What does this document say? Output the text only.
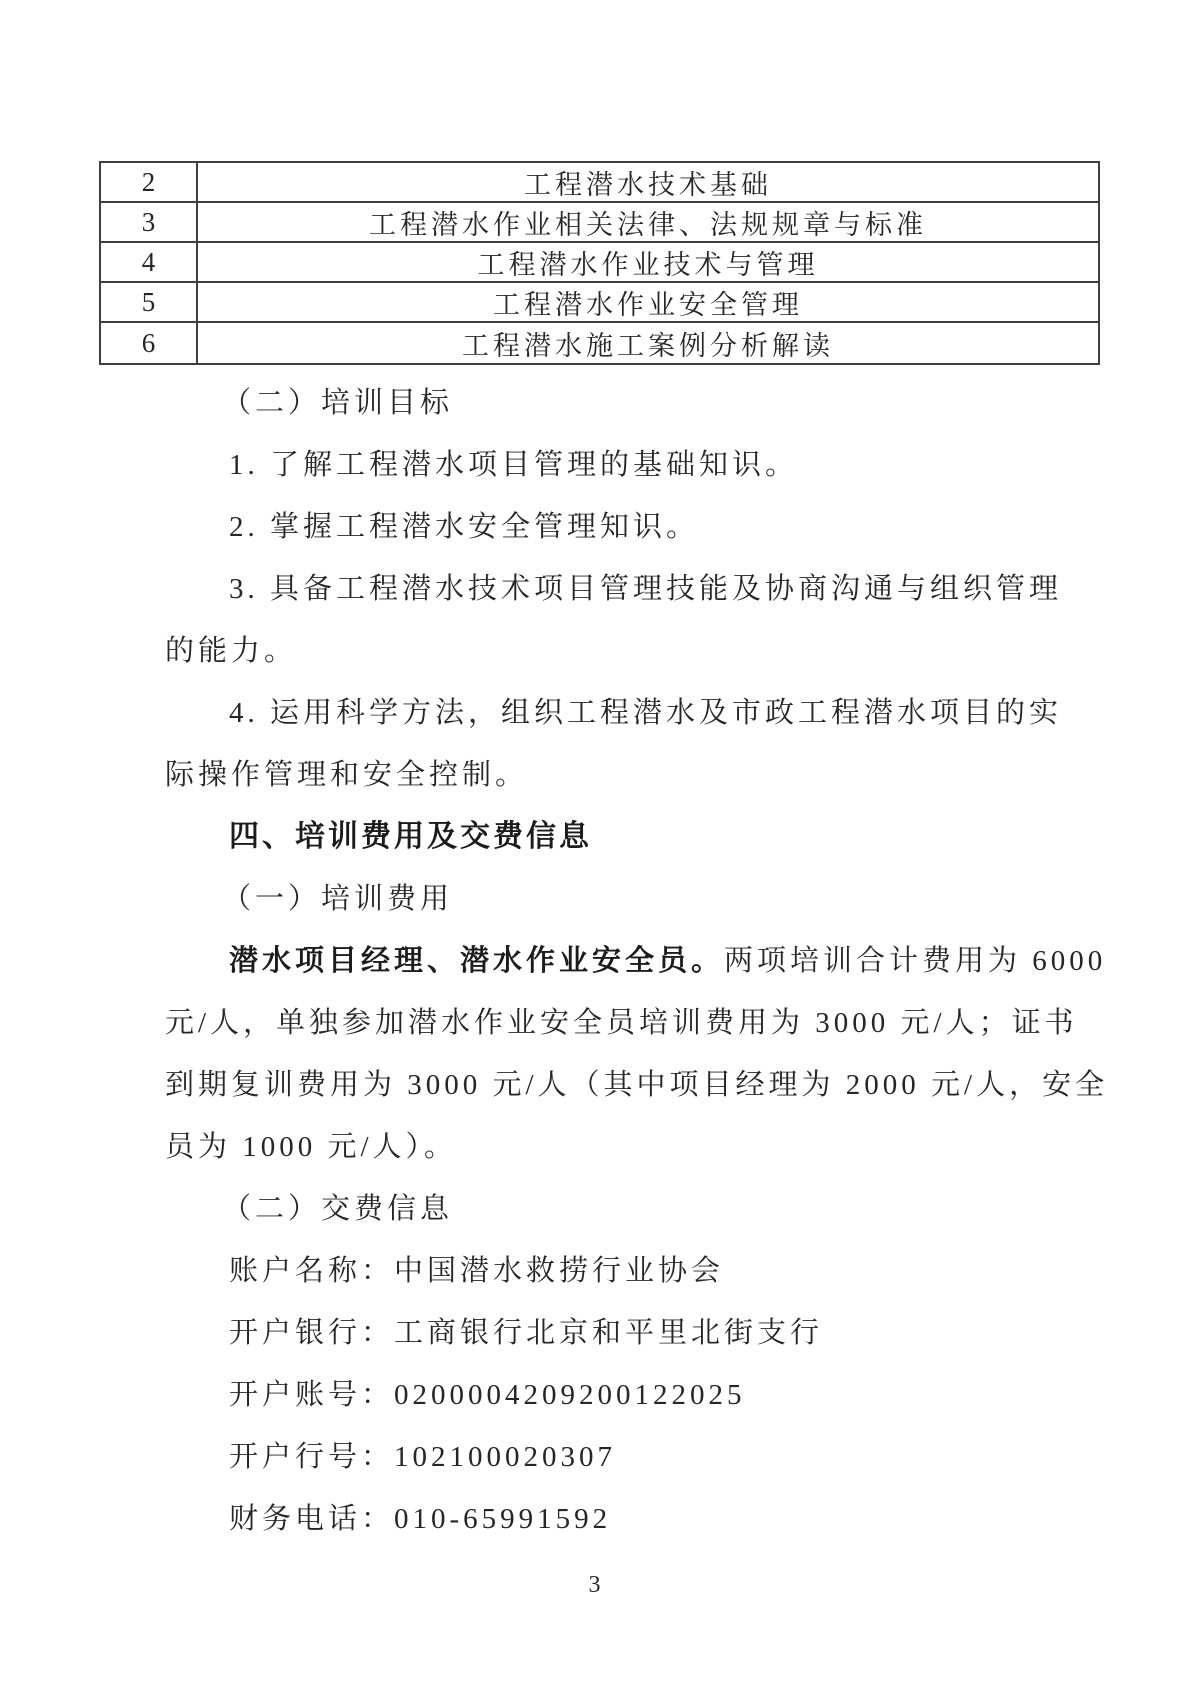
2	工程潜水技术基础
3	工程潜水作业相关法律、法规规章与标准
4	工程潜水作业技术与管理
5	工程潜水作业安全管理
6	工程潜水施工案例分析解读
（二）培训目标
1. 了解工程潜水项目管理的基础知识。
2. 掌握工程潜水安全管理知识。
3. 具备工程潜水技术项目管理技能及协商沟通与组织管理
的能力。
4. 运用科学方法，组织工程潜水及市政工程潜水项目的实
际操作管理和安全控制。
四、培训费用及交费信息
（一）培训费用
潜水项目经理、潜水作业安全员。两项培训合计费用为 6000
元/人，单独参加潜水作业安全员培训费用为 3000 元/人；证书
到期复训费用为 3000 元/人（其中项目经理为 2000 元/人，安全
员为 1000 元/人）。
（二）交费信息
账户名称：中国潜水救捞行业协会
开户银行：工商银行北京和平里北街支行
开户账号：0200004209200122025
开户行号：102100020307
财务电话：010-65991592
3
